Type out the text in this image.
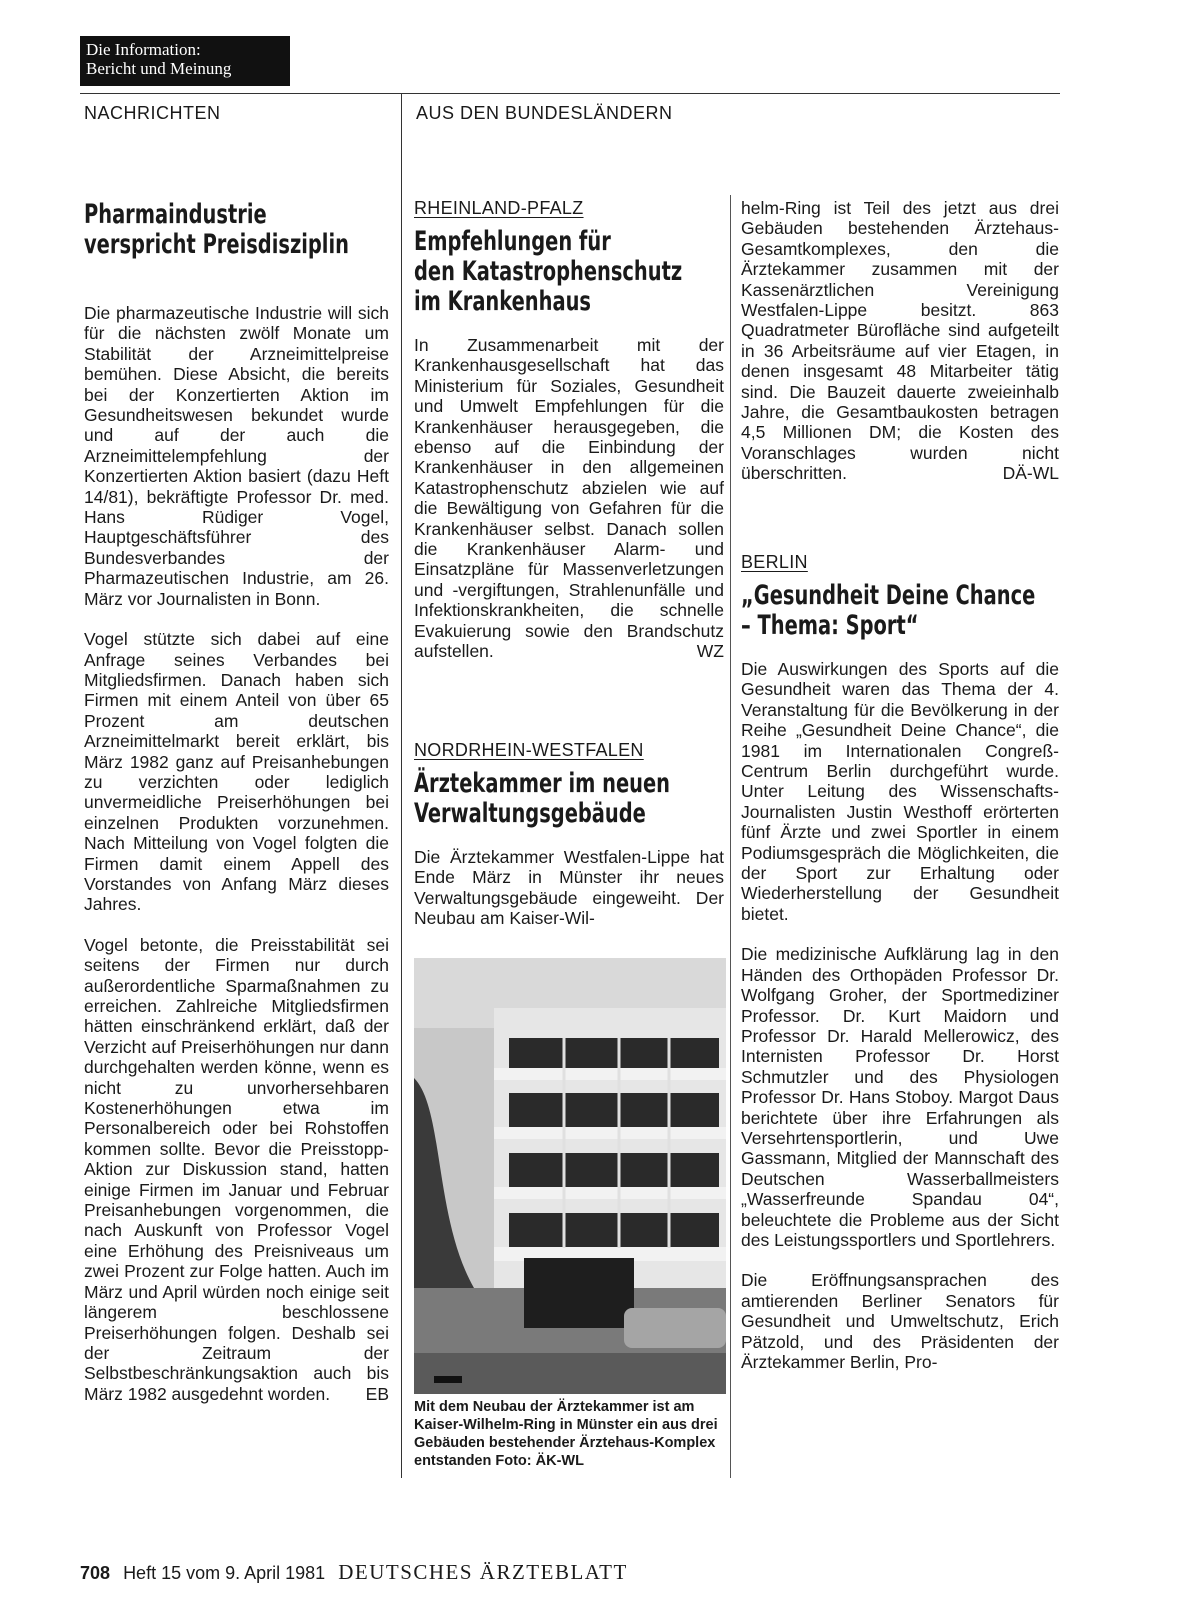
Die Information:
Bericht und Meinung
NACHRICHTEN	AUS DEN BUNDESLÄNDERN
Pharmaindustrie
verspricht Preisdisziplin

Die pharmazeutische Industrie will sich für die nächsten zwölf Monate um Stabilität der Arzneimittelpreise bemühen. Diese Absicht, die bereits bei der Konzertierten Aktion im Gesundheitswesen bekundet wurde und auf der auch die Arzneimittelempfehlung der Konzertierten Aktion basiert (dazu Heft 14/81), bekräftigte Professor Dr. med. Hans Rüdiger Vogel, Hauptgeschäftsführer des Bundesverbandes der Pharmazeutischen Industrie, am 26. März vor Journalisten in Bonn.

Vogel stützte sich dabei auf eine Anfrage seines Verbandes bei Mitgliedsfirmen. Danach haben sich Firmen mit einem Anteil von über 65 Prozent am deutschen Arzneimittelmarkt bereit erklärt, bis März 1982 ganz auf Preisanhebungen zu verzichten oder lediglich unvermeidliche Preiserhöhungen bei einzelnen Produkten vorzunehmen. Nach Mitteilung von Vogel folgten die Firmen damit einem Appell des Vorstandes von Anfang März dieses Jahres.

Vogel betonte, die Preisstabilität sei seitens der Firmen nur durch außerordentliche Sparmaßnahmen zu erreichen. Zahlreiche Mitgliedsfirmen hätten einschränkend erklärt, daß der Verzicht auf Preiserhöhungen nur dann durchgehalten werden könne, wenn es nicht zu unvorhersehbaren Kostenerhöhungen etwa im Personalbereich oder bei Rohstoffen kommen sollte. Bevor die Preisstopp-Aktion zur Diskussion stand, hatten einige Firmen im Januar und Februar Preisanhebungen vorgenommen, die nach Auskunft von Professor Vogel eine Erhöhung des Preisniveaus um zwei Prozent zur Folge hatten. Auch im März und April würden noch einige seit längerem beschlossene Preiserhöhungen folgen. Deshalb sei der Zeitraum der Selbstbeschränkungsaktion auch bis März 1982 ausgedehnt worden. EB

RHEINLAND-PFALZ
Empfehlungen für
den Katastrophenschutz
im Krankenhaus

In Zusammenarbeit mit der Krankenhausgesellschaft hat das Ministerium für Soziales, Gesundheit und Umwelt Empfehlungen für die Krankenhäuser herausgegeben, die ebenso auf die Einbindung der Krankenhäuser in den allgemeinen Katastrophenschutz abzielen wie auf die Bewältigung von Gefahren für die Krankenhäuser selbst. Danach sollen die Krankenhäuser Alarm- und Einsatzpläne für Massenverletzungen und -vergiftungen, Strahlenunfälle und Infektionskrankheiten, die schnelle Evakuierung sowie den Brandschutz aufstellen.	WZ

NORDRHEIN-WESTFALEN
Ärztekammer im neuen
Verwaltungsgebäude

Die Ärztekammer Westfalen-Lippe hat Ende März in Münster ihr neues Verwaltungsgebäude eingeweiht. Der Neubau am Kaiser-Wil-

Mit dem Neubau der Ärztekammer ist am Kaiser-Wilhelm-Ring in Münster ein aus drei Gebäuden bestehender Ärztehaus-Komplex entstanden Foto: ÄK-WL

helm-Ring ist Teil des jetzt aus drei Gebäuden bestehenden Ärztehaus-Gesamtkomplexes, den die Ärztekammer zusammen mit der Kassenärztlichen Vereinigung Westfalen-Lippe besitzt. 863 Quadratmeter Bürofläche sind aufgeteilt in 36 Arbeitsräume auf vier Etagen, in denen insgesamt 48 Mitarbeiter tätig sind. Die Bauzeit dauerte zweieinhalb Jahre, die Gesamtbaukosten betragen 4,5 Millionen DM; die Kosten des Voranschlages wurden nicht überschritten.	DÄ-WL

BERLIN
„Gesundheit Deine Chance
– Thema: Sport“

Die Auswirkungen des Sports auf die Gesundheit waren das Thema der 4. Veranstaltung für die Bevölkerung in der Reihe „Gesundheit Deine Chance“, die 1981 im Internationalen Congreß-Centrum Berlin durchgeführt wurde. Unter Leitung des Wissenschafts-Journalisten Justin Westhoff erörterten fünf Ärzte und zwei Sportler in einem Podiumsgespräch die Möglichkeiten, die der Sport zur Erhaltung oder Wiederherstellung der Gesundheit bietet.

Die medizinische Aufklärung lag in den Händen des Orthopäden Professor Dr. Wolfgang Groher, der Sportmediziner Professor. Dr. Kurt Maidorn und Professor Dr. Harald Mellerowicz, des Internisten Professor Dr. Horst Schmutzler und des Physiologen Professor Dr. Hans Stoboy. Margot Daus berichtete über ihre Erfahrungen als Versehrtensportlerin, und Uwe Gassmann, Mitglied der Mannschaft des Deutschen Wasserballmeisters „Wasserfreunde Spandau 04“, beleuchtete die Probleme aus der Sicht des Leistungssportlers und Sportlehrers.

Die Eröffnungsansprachen des amtierenden Berliner Senators für Gesundheit und Umweltschutz, Erich Pätzold, und des Präsidenten der Ärztekammer Berlin, Pro-

708 Heft 15 vom 9. April 1981 DEUTSCHES ÄRZTEBLATT
